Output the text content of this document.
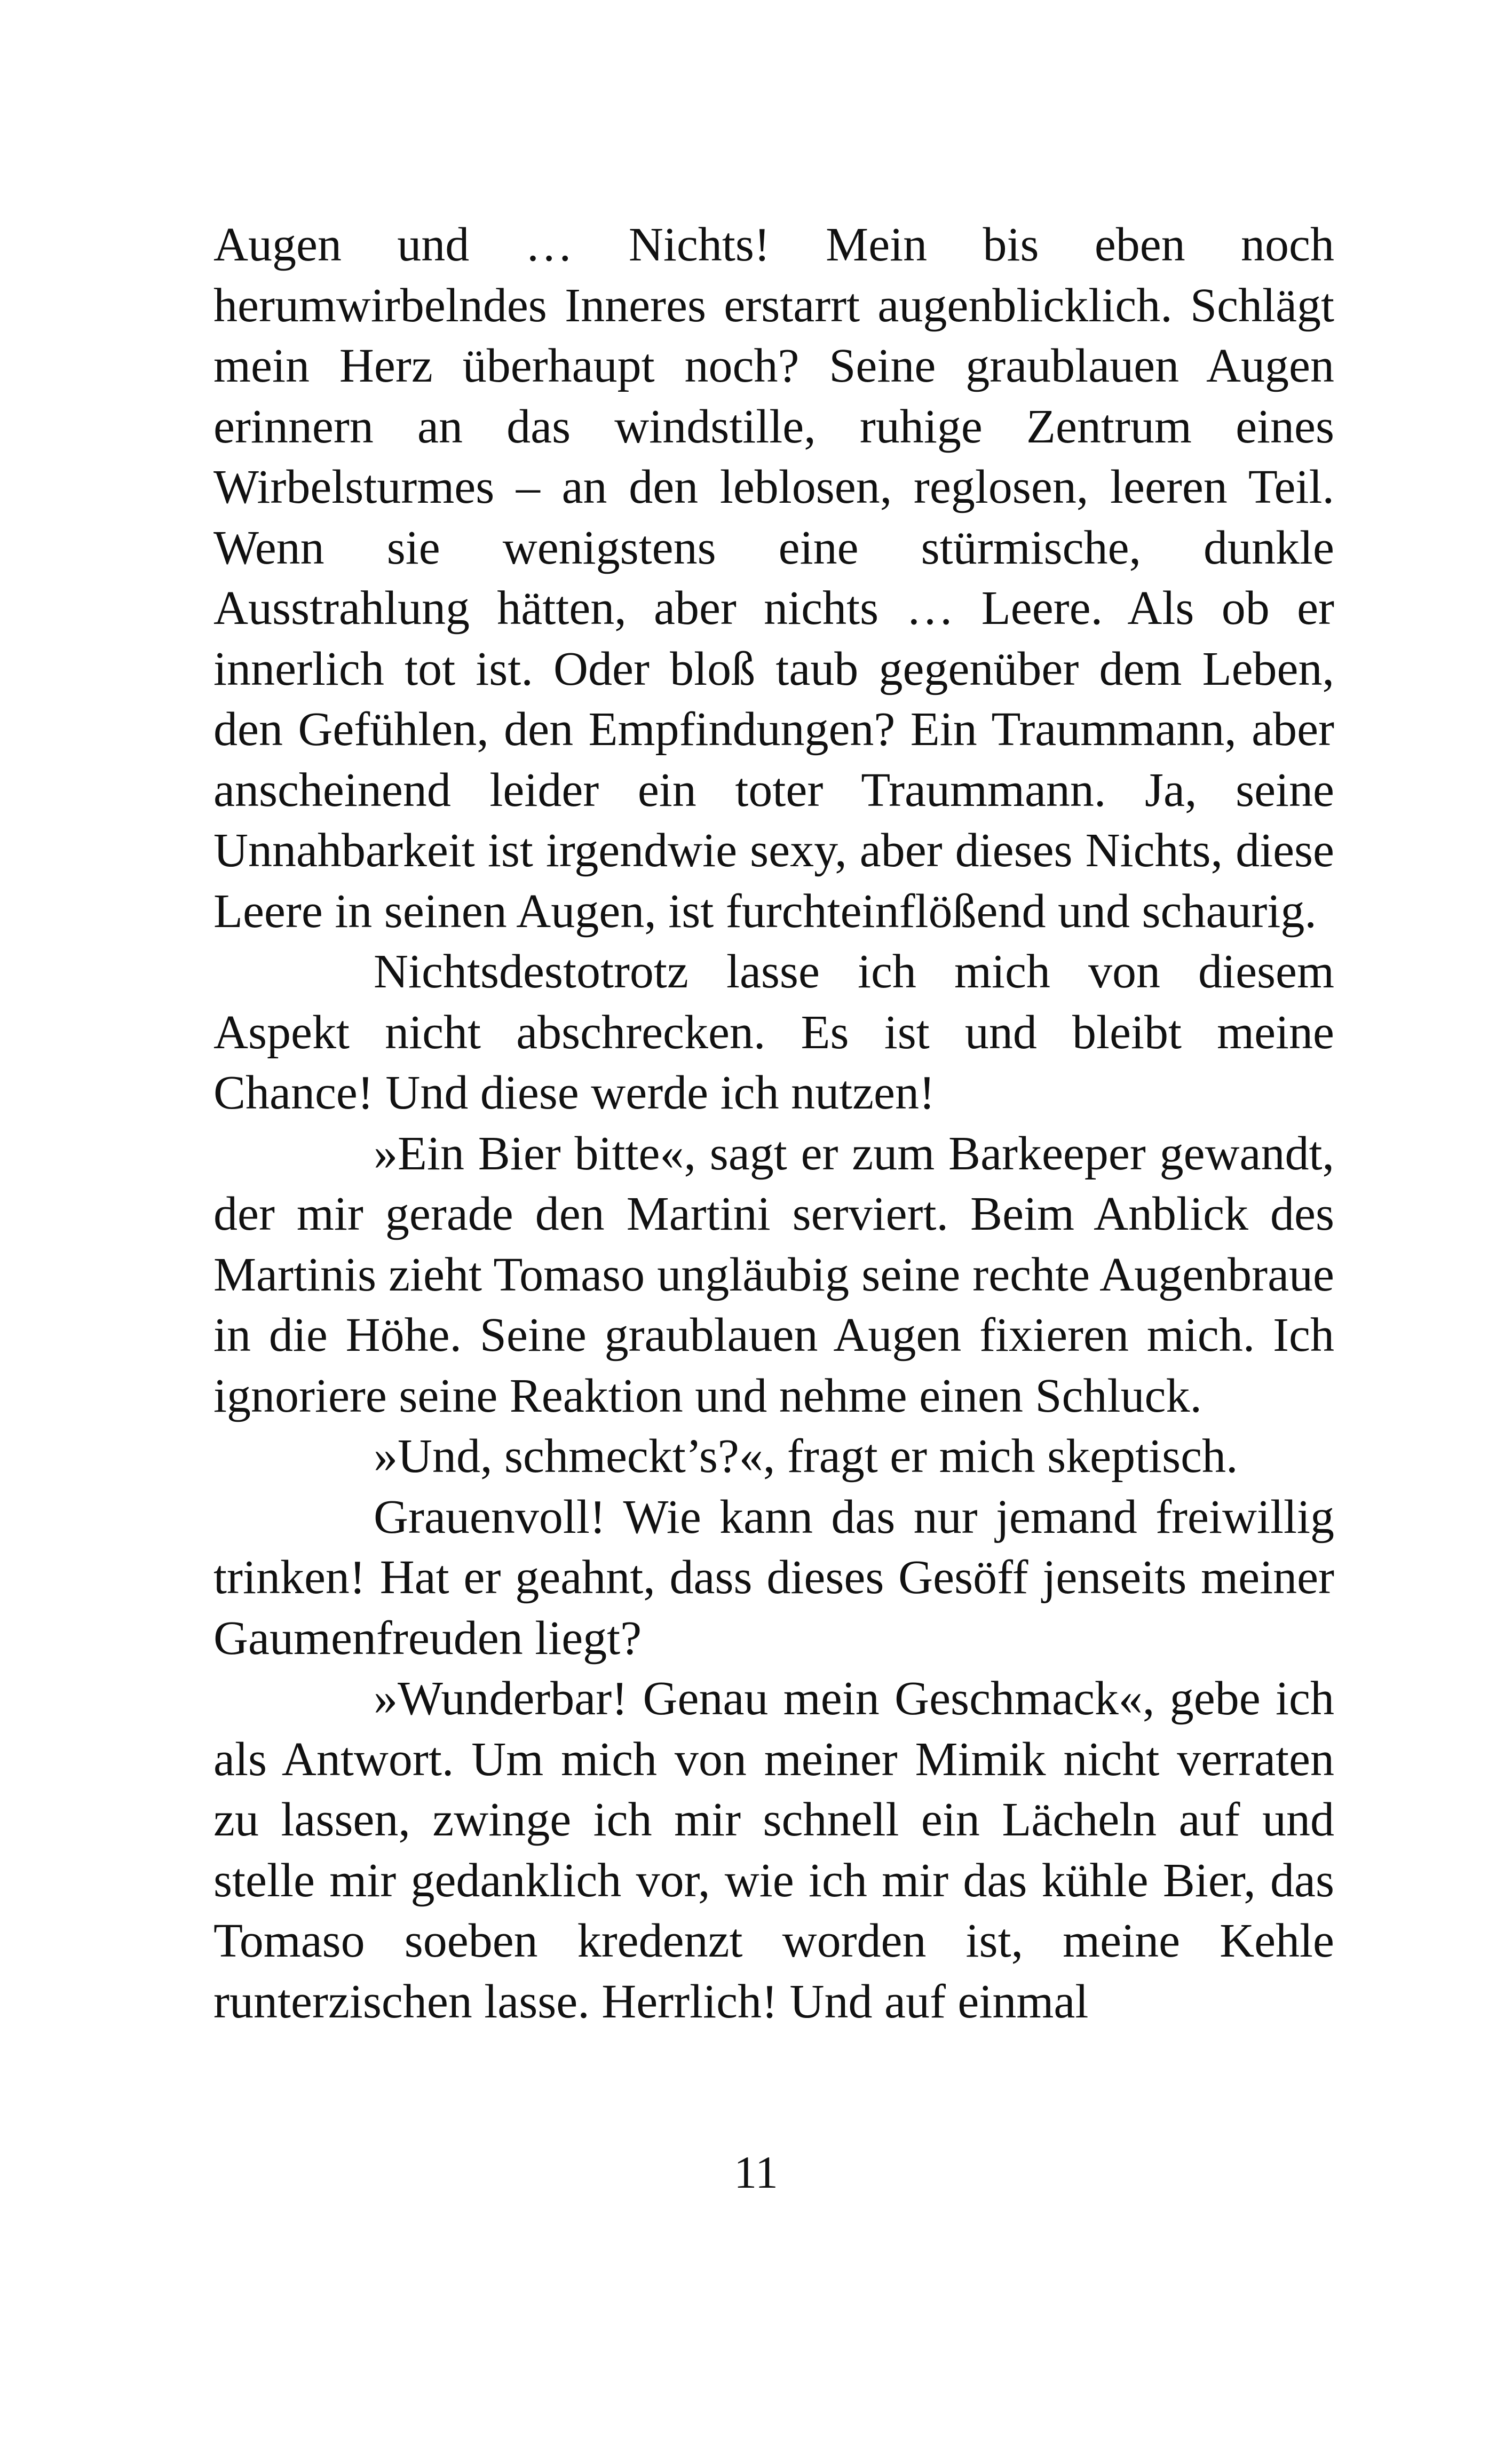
Augen und … Nichts! Mein bis eben noch herumwirbelndes Inneres erstarrt augenblicklich. Schlägt mein Herz überhaupt noch? Seine graublauen Augen erinnern an das windstille, ruhige Zentrum eines Wirbelsturmes – an den leblosen, reglosen, leeren Teil. Wenn sie wenigstens eine stürmische, dunkle Ausstrahlung hätten, aber nichts … Leere. Als ob er innerlich tot ist. Oder bloß taub gegenüber dem Leben, den Gefühlen, den Empfindungen? Ein Traummann, aber anscheinend leider ein toter Traummann. Ja, seine Unnahbarkeit ist irgendwie sexy, aber dieses Nichts, diese Leere in seinen Augen, ist furchteinflößend und schaurig.

Nichtsdestotrotz lasse ich mich von diesem Aspekt nicht abschrecken. Es ist und bleibt meine Chance! Und diese werde ich nutzen!

»Ein Bier bitte«, sagt er zum Barkeeper gewandt, der mir gerade den Martini serviert. Beim Anblick des Martinis zieht Tomaso ungläubig seine rechte Augenbraue in die Höhe. Seine graublauen Augen fixieren mich. Ich ignoriere seine Reaktion und nehme einen Schluck.

»Und, schmeckt’s?«, fragt er mich skeptisch.

Grauenvoll! Wie kann das nur jemand freiwillig trinken! Hat er geahnt, dass dieses Gesöff jenseits meiner Gaumenfreuden liegt?

»Wunderbar! Genau mein Geschmack«, gebe ich als Antwort. Um mich von meiner Mimik nicht verraten zu lassen, zwinge ich mir schnell ein Lächeln auf und stelle mir gedanklich vor, wie ich mir das kühle Bier, das Tomaso soeben kredenzt worden ist, meine Kehle runterzischen lasse. Herrlich! Und auf einmal

11
